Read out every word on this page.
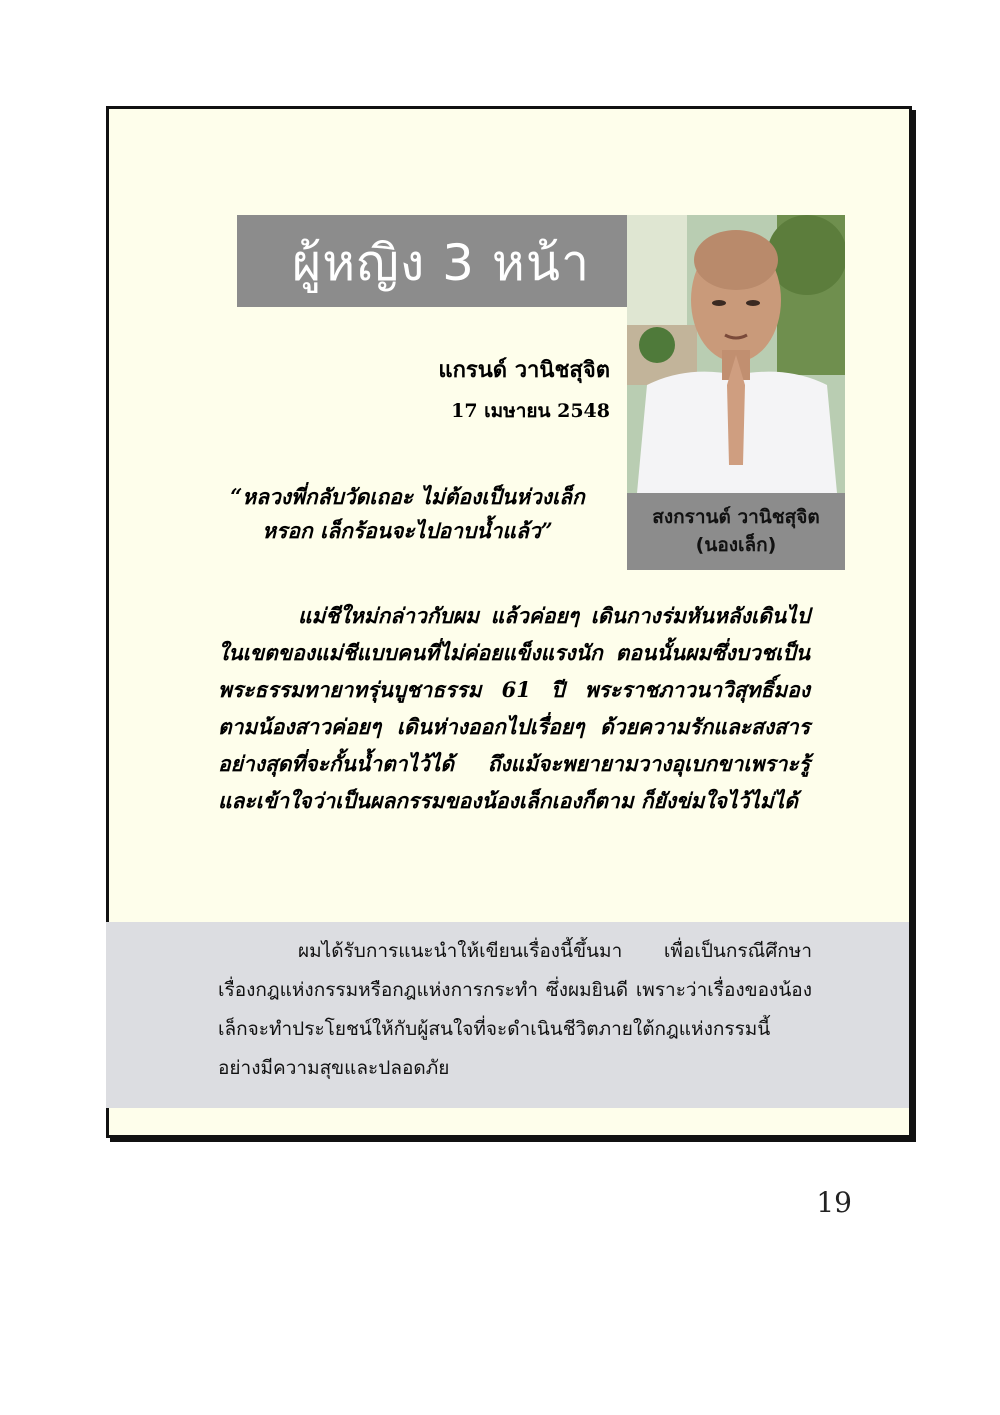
ผู้หญิง 3 หน้า
สงกรานต์ วานิชสุจิต
(นองเล็ก)
แกรนด์ วานิชสุจิต
17 เมษายน 2548
“หลวงพี่กลับวัดเถอะ ไม่ต้องเป็นห่วงเล็ก
หรอก เล็กร้อนจะไปอาบน้ำแล้ว”

แม่ชีใหม่กล่าวกับผม แล้วค่อยๆ เดินกางร่มหันหลังเดินไปในเขตของแม่ชีแบบคนที่ไม่ค่อยแข็งแรงนัก ตอนนั้นผมซึ่งบวชเป็นพระธรรมทายาทรุ่นบูชาธรรม 61 ปี พระราชภาวนาวิสุทธิ์มองตามน้องสาวค่อยๆ เดินห่างออกไปเรื่อยๆ ด้วยความรักและสงสารอย่างสุดที่จะกั้นน้ำตาไว้ได้ ถึงแม้จะพยายามวางอุเบกขาเพราะรู้และเข้าใจว่าเป็นผลกรรมของน้องเล็กเองก็ตาม ก็ยังข่มใจไว้ไม่ได้

ผมได้รับการแนะนำให้เขียนเรื่องนี้ขึ้นมา เพื่อเป็นกรณีศึกษาเรื่องกฎแห่งกรรมหรือกฎแห่งการกระทำ ซึ่งผมยินดี เพราะว่าเรื่องของน้องเล็กจะทำประโยชน์ให้กับผู้สนใจที่จะดำเนินชีวิตภายใต้กฎแห่งกรรมนี้อย่างมีความสุขและปลอดภัย

19
